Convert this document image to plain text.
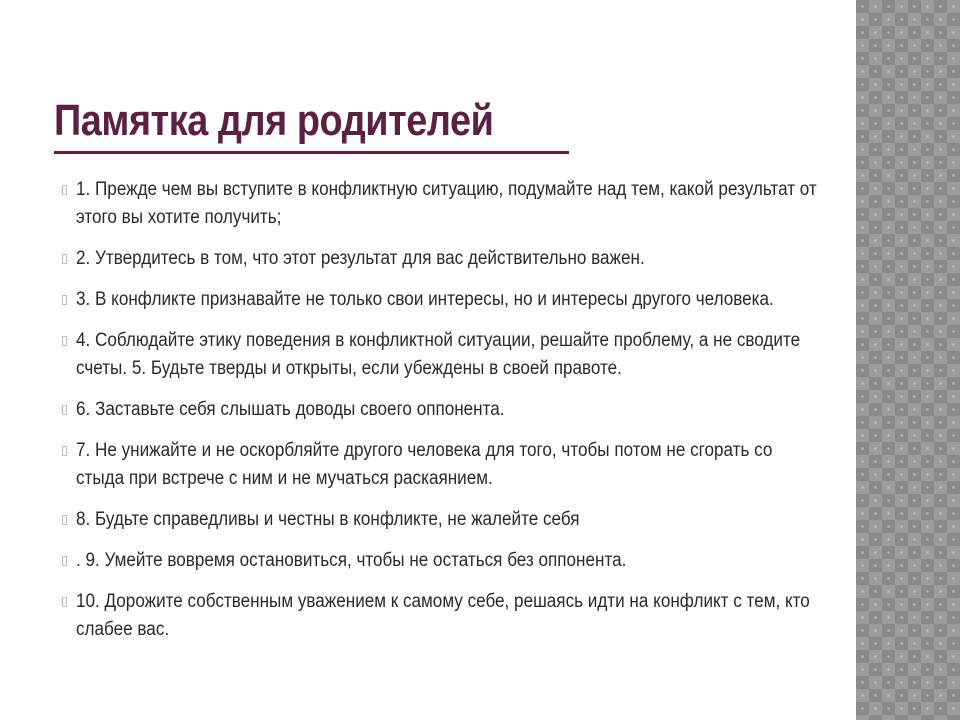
Памятка для родителей
1. Прежде чем вы вступите в конфликтную ситуацию, подумайте над тем, какой результат от этого вы хотите получить;
2. Утвердитесь в том, что этот результат для вас действительно важен.
3. В конфликте признавайте не только свои интересы, но и интересы другого человека.
4. Соблюдайте этику поведения в конфликтной ситуации, решайте проблему, а не сводите счеты. 5. Будьте тверды и открыты, если убеждены в своей правоте.
6. Заставьте себя слышать доводы своего оппонента.
7. Не унижайте и не оскорбляйте другого человека для того, чтобы потом не сгорать со стыда при встрече с ним и не мучаться раскаянием.
8. Будьте справедливы и честны в конфликте, не жалейте себя
. 9. Умейте вовремя остановиться, чтобы не остаться без оппонента.
10. Дорожите собственным уважением к самому себе, решаясь идти на конфликт с тем, кто слабее вас.
